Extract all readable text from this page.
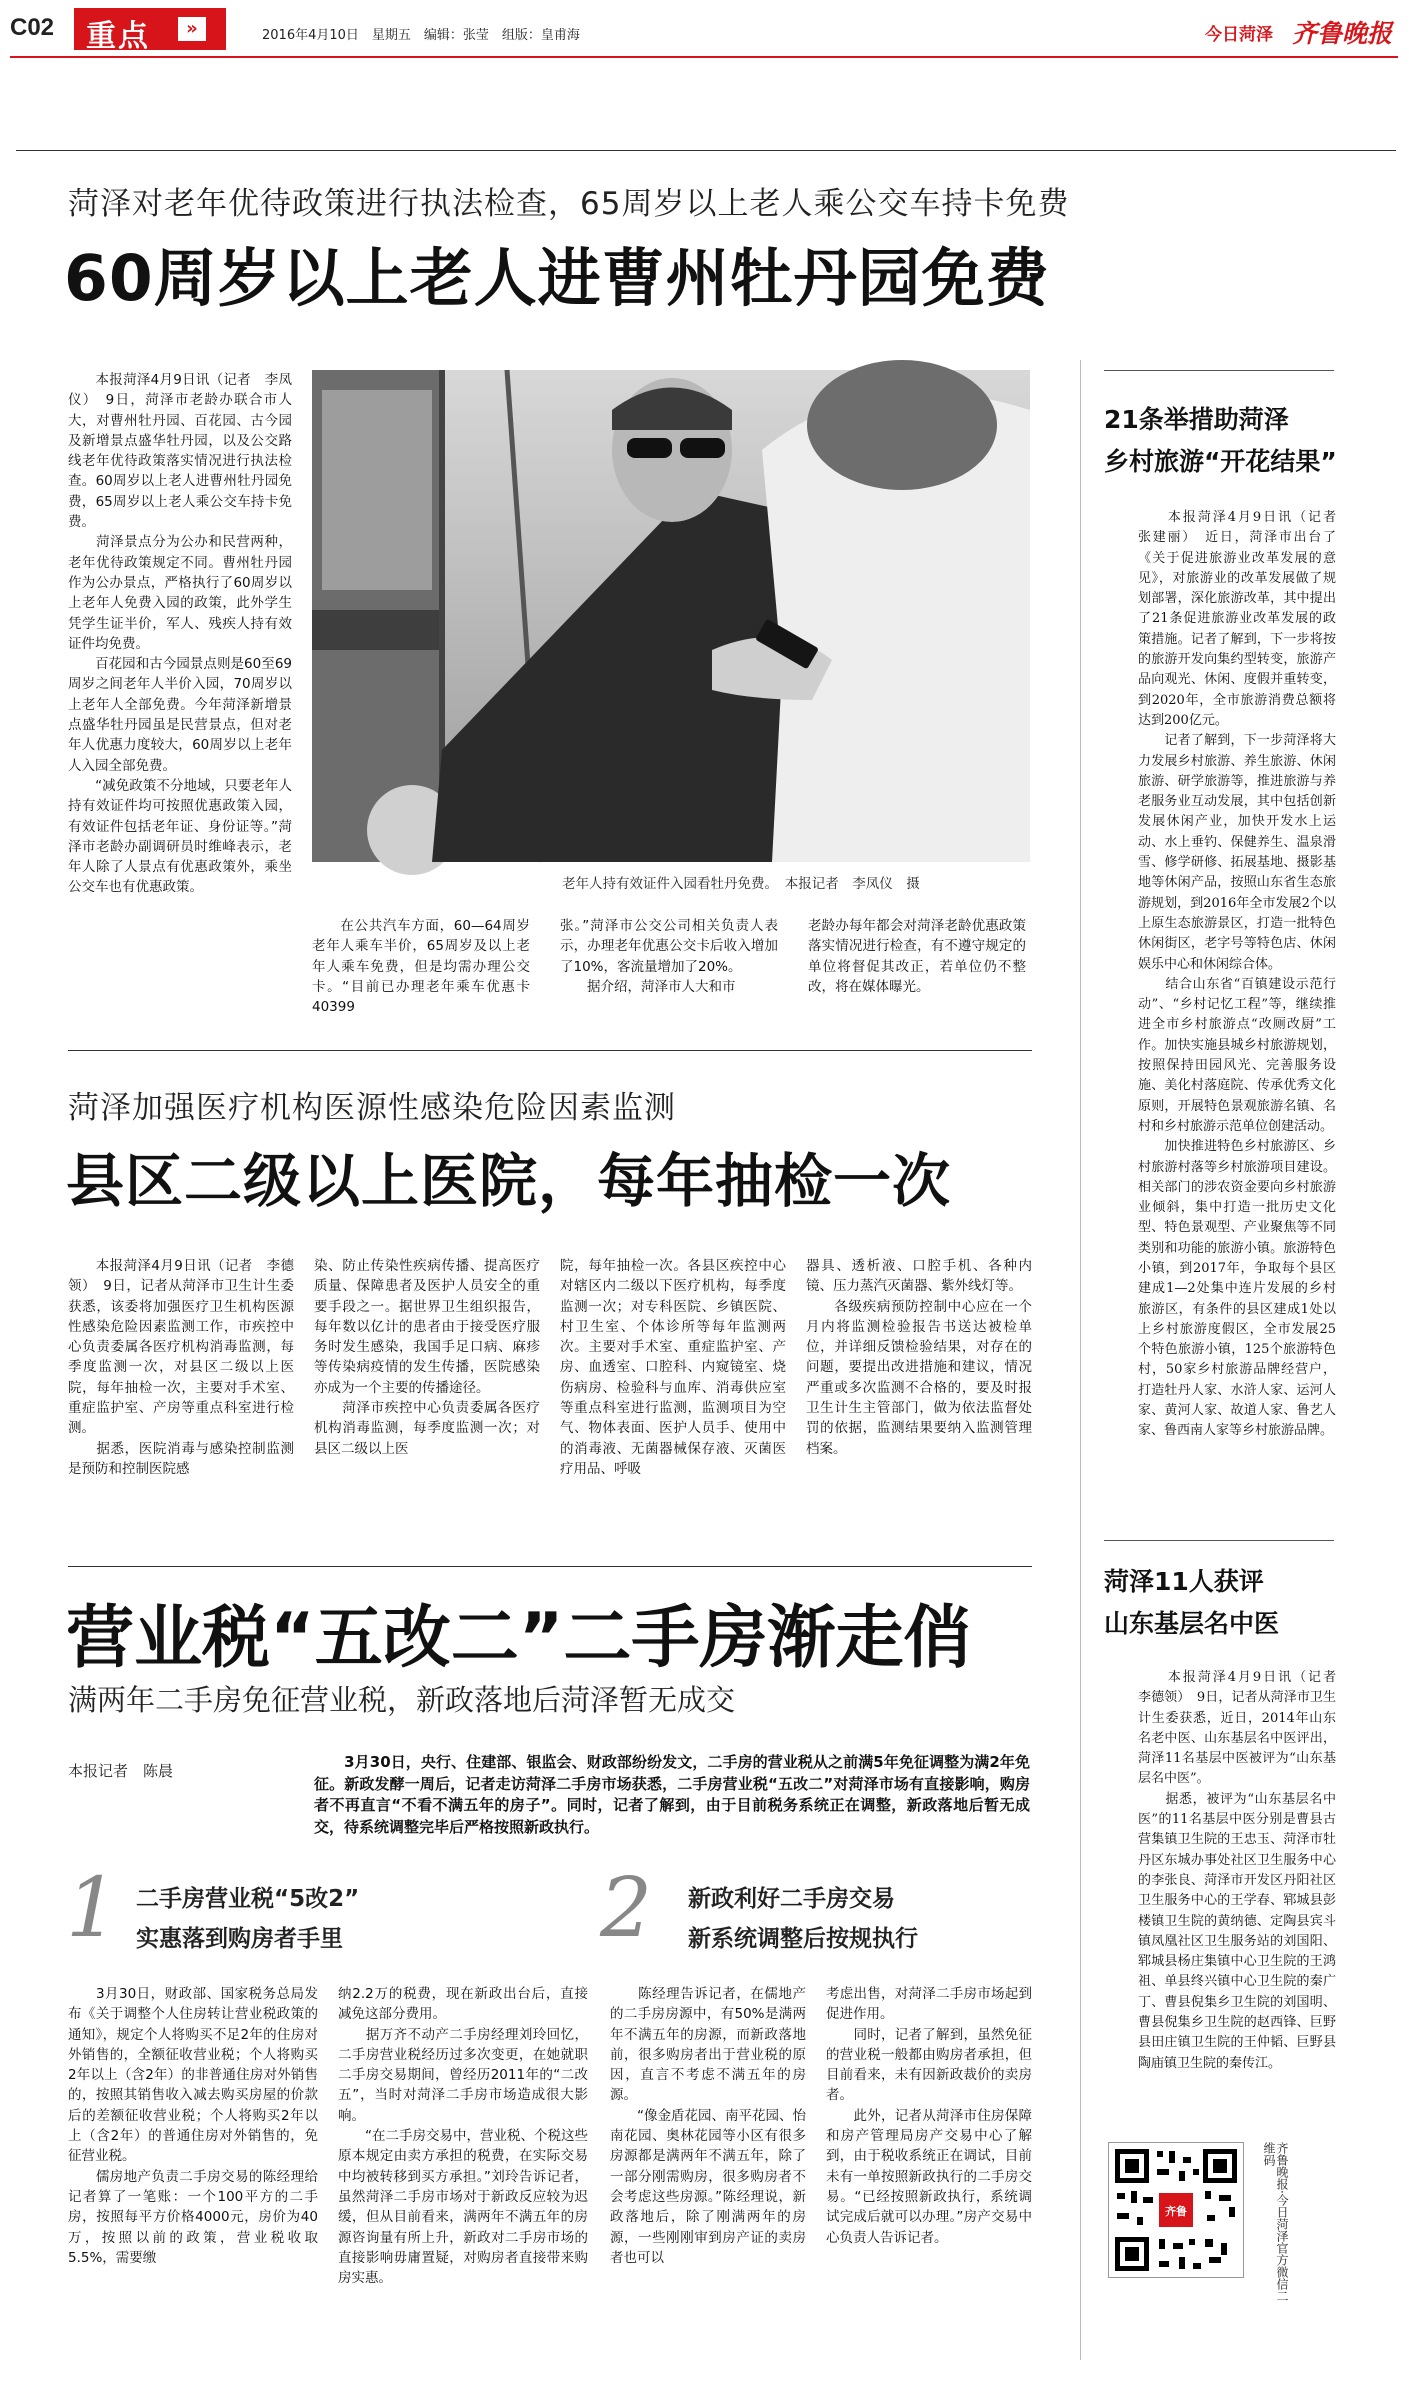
C02 重点	»	2016年4月10日　星期五　编辑：张莹　组版：皇甫海	今日菏泽 齐鲁晚报
菏泽对老年优待政策进行执法检查，65周岁以上老人乘公交车持卡免费
60周岁以上老人进曹州牡丹园免费
　　本报菏泽4月9日讯（记者　李凤仪）　9日，菏泽市老龄办联合市人大，对曹州牡丹园、百花园、古今园及新增景点盛华牡丹园，以及公交路线老年优待政策落实情况进行执法检查。60周岁以上老人进曹州牡丹园免费，65周岁以上老人乘公交车持卡免费。
　　菏泽景点分为公办和民营两种，老年优待政策规定不同。曹州牡丹园作为公办景点，严格执行了60周岁以上老年人免费入园的政策，此外学生凭学生证半价，军人、残疾人持有效证件均免费。
　　百花园和古今园景点则是60至69周岁之间老年人半价入园，70周岁以上老年人全部免费。今年菏泽新增景点盛华牡丹园虽是民营景点，但对老年人优惠力度较大，60周岁以上老年人入园全部免费。
　　“减免政策不分地域，只要老年人持有效证件均可按照优惠政策入园，有效证件包括老年证、身份证等。”菏泽市老龄办副调研员时维峰表示，老年人除了人景点有优惠政策外，乘坐公交车也有优惠政策。	老年人持有效证件入园看牡丹免费。　本报记者　李凤仪　摄
　　在公共汽车方面，60—64周岁老年人乘车半价，65周岁及以上老年人乘车免费，但是均需办理公交卡。“目前已办理老年乘车优惠卡40399
张。”菏泽市公交公司相关负责人表示，办理老年优惠公交卡后收入增加了10%，客流量增加了20%。
　　据介绍，菏泽市人大和市
老龄办每年都会对菏泽老龄优惠政策落实情况进行检查，有不遵守规定的单位将督促其改正，若单位仍不整改，将在媒体曝光。
菏泽加强医疗机构医源性感染危险因素监测
县区二级以上医院，每年抽检一次
　　本报菏泽4月9日讯（记者　李德领）　9日，记者从菏泽市卫生计生委获悉，该委将加强医疗卫生机构医源性感染危险因素监测工作，市疾控中心负责委属各医疗机构消毒监测，每季度监测一次，对县区二级以上医院，每年抽检一次，主要对手术室、重症监护室、产房等重点科室进行检测。
　　据悉，医院消毒与感染控制监测是预防和控制医院感
染、防止传染性疾病传播、提高医疗质量、保障患者及医护人员安全的重要手段之一。据世界卫生组织报告，每年数以亿计的患者由于接受医疗服务时发生感染，我国手足口病、麻疹等传染病疫情的发生传播，医院感染亦成为一个主要的传播途径。
　　菏泽市疾控中心负责委属各医疗机构消毒监测，每季度监测一次；对县区二级以上医
院，每年抽检一次。各县区疾控中心对辖区内二级以下医疗机构，每季度监测一次；对专科医院、乡镇医院、村卫生室、个体诊所等每年监测两次。主要对手术室、重症监护室、产房、血透室、口腔科、内窥镜室、烧伤病房、检验科与血库、消毒供应室等重点科室进行监测，监测项目为空气、物体表面、医护人员手、使用中的消毒液、无菌器械保存液、灭菌医疗用品、呼吸
器具、透析液、口腔手机、各种内镜、压力蒸汽灭菌器、紫外线灯等。
　　各级疾病预防控制中心应在一个月内将监测检验报告书送达被检单位，并详细反馈检验结果，对存在的问题，要提出改进措施和建议，情况严重或多次监测不合格的，要及时报卫生计生主管部门，做为依法监督处罚的依据，监测结果要纳入监测管理档案。
营业税“五改二”二手房渐走俏
满两年二手房免征营业税，新政落地后菏泽暂无成交
本报记者　陈晨	　　3月30日，央行、住建部、银监会、财政部纷纷发文，二手房的营业税从之前满5年免征调整为满2年免征。新政发酵一周后，记者走访菏泽二手房市场获悉，二手房营业税“五改二”对菏泽市场有直接影响，购房者不再直言“不看不满五年的房子”。同时，记者了解到，由于目前税务系统正在调整，新政落地后暂无成交，待系统调整完毕后严格按照新政执行。
1 二手房营业税“5改2”
实惠落到购房者手里	2 新政利好二手房交易
新系统调整后按规执行
　　3月30日，财政部、国家税务总局发布《关于调整个人住房转让营业税政策的通知》，规定个人将购买不足2年的住房对外销售的，全额征收营业税；个人将购买2年以上（含2年）的非普通住房对外销售的，按照其销售收入减去购买房屋的价款后的差额征收营业税；个人将购买2年以上（含2年）的普通住房对外销售的，免征营业税。
　　儒房地产负责二手房交易的陈经理给记者算了一笔账：一个100平方的二手房，按照每平方价格4000元，房价为40万，按照以前的政策，营业税收取5.5%，需要缴
纳2.2万的税费，现在新政出台后，直接减免这部分费用。
　　据万齐不动产二手房经理刘玲回忆，二手房营业税经历过多次变更，在她就职二手房交易期间，曾经历2011年的“二改五”，当时对菏泽二手房市场造成很大影响。
　　“在二手房交易中，营业税、个税这些原本规定由卖方承担的税费，在实际交易中均被转移到买方承担。”刘玲告诉记者，虽然菏泽二手房市场对于新政反应较为迟缓，但从目前看来，满两年不满五年的房源咨询量有所上升，新政对二手房市场的直接影响毋庸置疑，对购房者直接带来购房实惠。
　　陈经理告诉记者，在儒地产的二手房房源中，有50%是满两年不满五年的房源，而新政落地前，很多购房者出于营业税的原因，直言不考虑不满五年的房源。
　　“像金盾花园、南平花园、怡南花园、奥林花园等小区有很多房源都是满两年不满五年，除了一部分刚需购房，很多购房者不会考虑这些房源。”陈经理说，新政落地后，除了刚满两年的房源，一些刚刚审到房产证的卖房者也可以
考虑出售，对菏泽二手房市场起到促进作用。
　　同时，记者了解到，虽然免征的营业税一般都由购房者承担，但目前看来，未有因新政裁价的卖房者。
　　此外，记者从菏泽市住房保障和房产管理局房产交易中心了解到，由于税收系统正在调试，目前未有一单按照新政执行的二手房交易。“已经按照新政执行，系统调试完成后就可以办理。”房产交易中心负责人告诉记者。
21条举措助菏泽
乡村旅游“开花结果”
　　本报菏泽4月9日讯（记者　张建丽）　近日，菏泽市出台了《关于促进旅游业改革发展的意见》，对旅游业的改革发展做了规划部署，深化旅游改革，其中提出了21条促进旅游业改革发展的政策措施。记者了解到，下一步将按的旅游开发向集约型转变，旅游产品向观光、休闲、度假并重转变，到2020年，全市旅游消费总额将达到200亿元。
　　记者了解到，下一步菏泽将大力发展乡村旅游、养生旅游、休闲旅游、研学旅游等，推进旅游与养老服务业互动发展，其中包括创新发展休闲产业，加快开发水上运动、水上垂钓、保健养生、温泉滑雪、修学研修、拓展基地、摄影基地等休闲产品，按照山东省生态旅游规划，到2016年全市发展2个以上原生态旅游景区，打造一批特色休闲街区，老字号等特色店、休闲娱乐中心和休闲综合体。
　　结合山东省“百镇建设示范行动”、“乡村记忆工程”等，继续推进全市乡村旅游点“改厕改厨”工作。加快实施县城乡村旅游规划，按照保持田园风光、完善服务设施、美化村落庭院、传承优秀文化原则，开展特色景观旅游名镇、名村和乡村旅游示范单位创建活动。
　　加快推进特色乡村旅游区、乡村旅游村落等乡村旅游项目建设。相关部门的涉农资金要向乡村旅游业倾斜，集中打造一批历史文化型、特色景观型、产业聚焦等不同类别和功能的旅游小镇。旅游特色小镇，到2017年，争取每个县区建成1—2处集中连片发展的乡村旅游区，有条件的县区建成1处以上乡村旅游度假区，全市发展25个特色旅游小镇，125个旅游特色村，50家乡村旅游品牌经营户，打造牡丹人家、水浒人家、运河人家、黄河人家、故道人家、鲁艺人家、鲁西南人家等乡村旅游品牌。
菏泽11人获评
山东基层名中医
　　本报菏泽4月9日讯（记者　李德领）　9日，记者从菏泽市卫生计生委获悉，近日，2014年山东名老中医、山东基层名中医评出，菏泽11名基层中医被评为“山东基层名中医”。
　　据悉，被评为“山东基层名中医”的11名基层中医分别是曹县古营集镇卫生院的王忠玉、菏泽市牡丹区东城办事处社区卫生服务中心的李张良、菏泽市开发区丹阳社区卫生服务中心的王学春、郓城县彭楼镇卫生院的黄纳德、定陶县宾斗镇凤凰社区卫生服务站的刘国阳、郓城县杨庄集镇中心卫生院的王鸿祖、单县终兴镇中心卫生院的秦广丁、曹县倪集乡卫生院的刘国明、曹县倪集乡卫生院的赵西锋、巨野县田庄镇卫生院的王仲韬、巨野县陶庙镇卫生院的秦传江。
齐鲁	齐鲁晚报·今日菏泽官方微信二维码
